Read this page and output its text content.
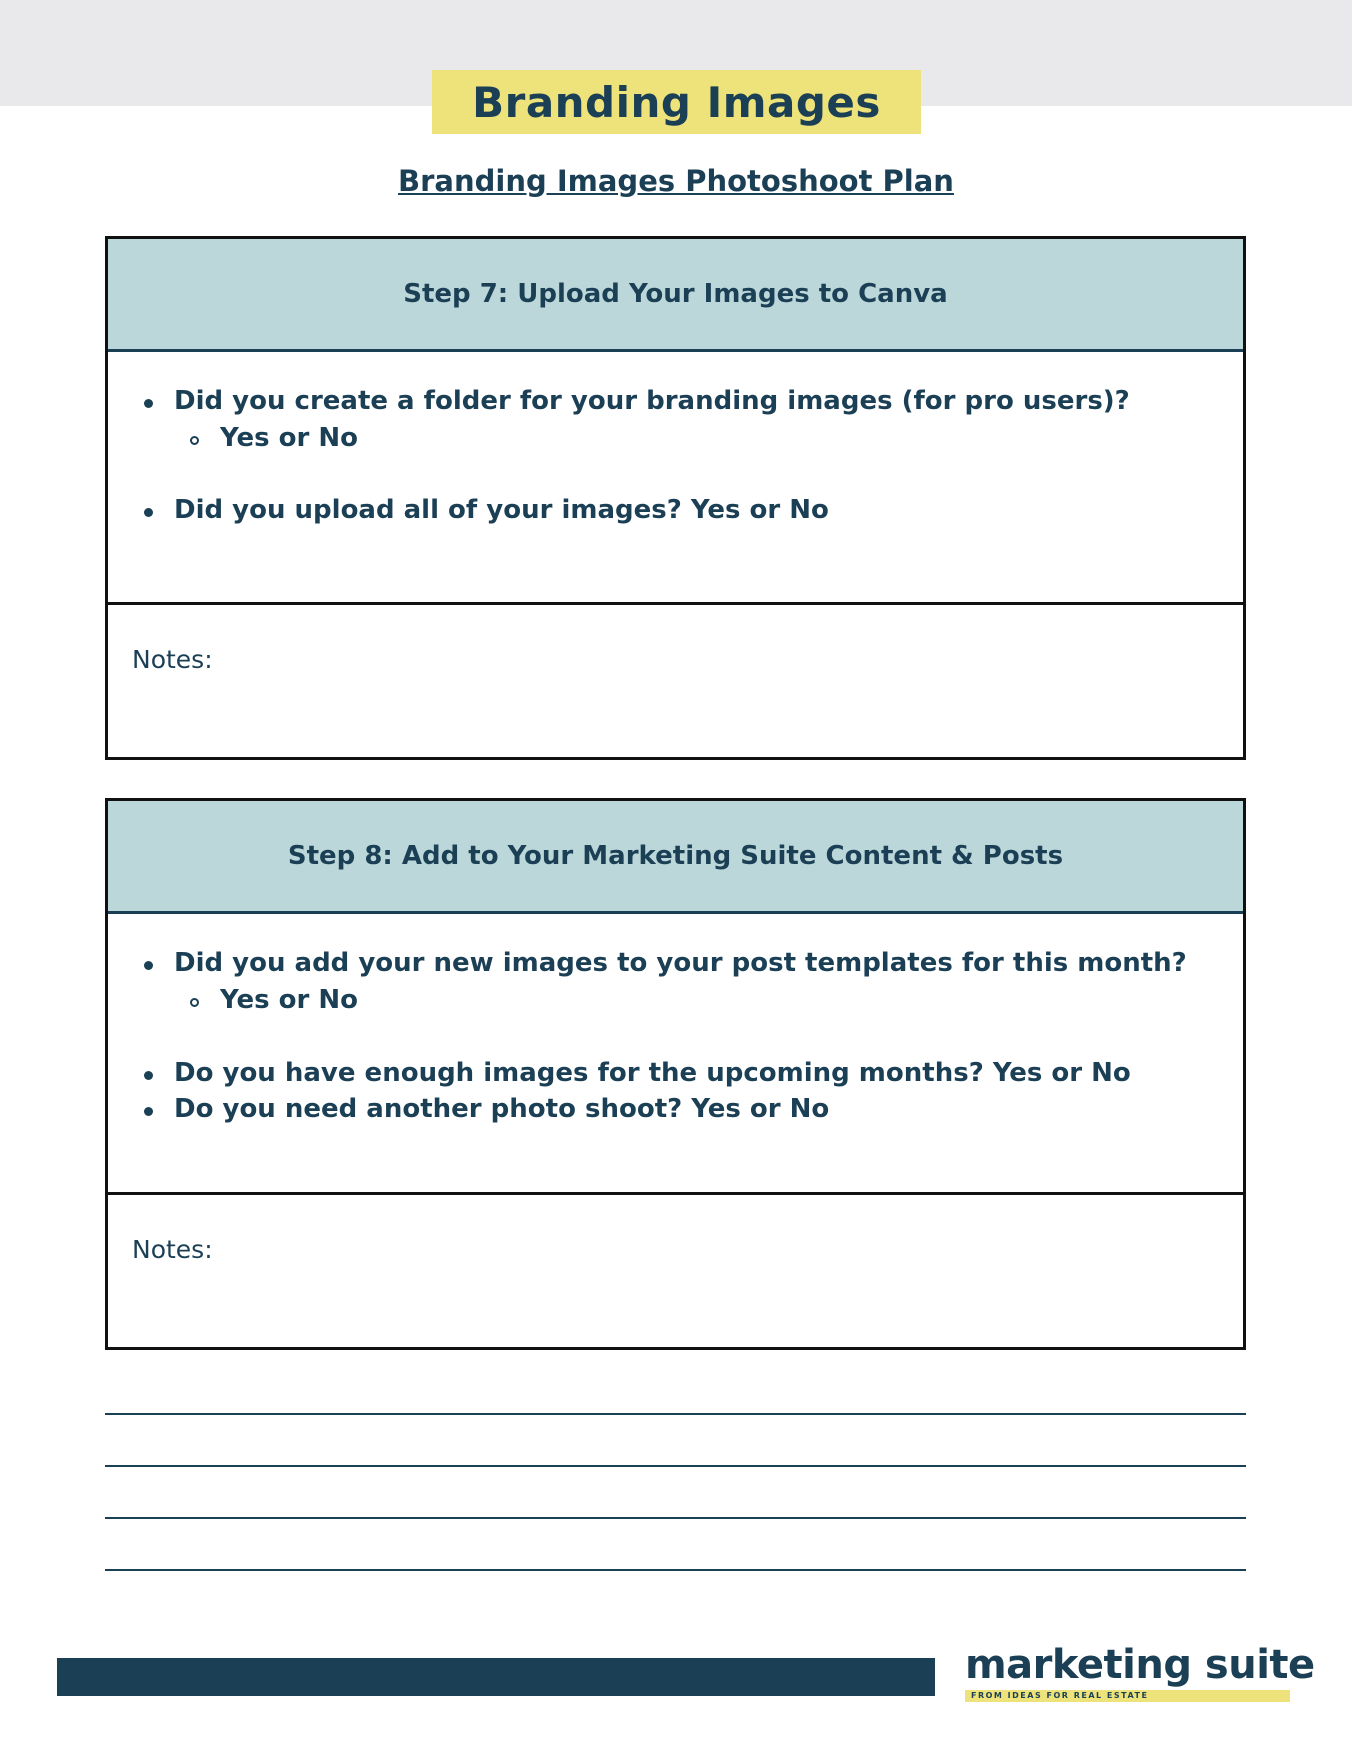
Branding Images
Branding Images Photoshoot Plan
Step 7: Upload Your Images to Canva
Did you create a folder for your branding images (for pro users)?
Yes or No
Did you upload all of your images? Yes or No
Notes:
Step 8: Add to Your Marketing Suite Content & Posts
Did you add your new images to your post templates for this month?
Yes or No
Do you have enough images for the upcoming months? Yes or No
Do you need another photo shoot? Yes or No
Notes:
marketing suite
FROM IDEAS FOR REAL ESTATE
